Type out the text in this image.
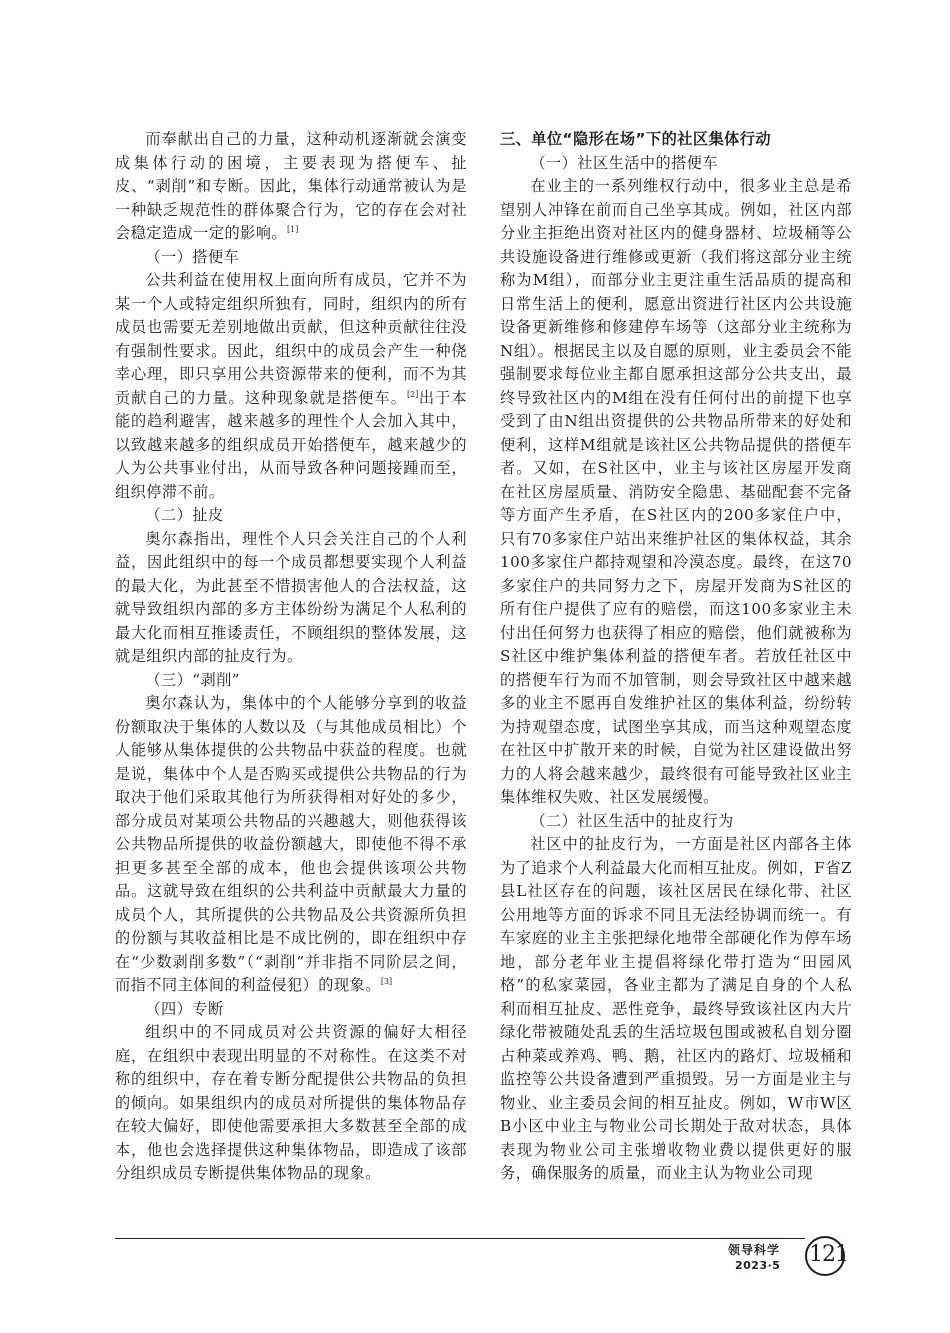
而奉献出自己的力量，这种动机逐渐就会演变成集体行动的困境，主要表现为搭便车、扯皮、“剥削”和专断。因此，集体行动通常被认为是一种缺乏规范性的群体聚合行为，它的存在会对社会稳定造成一定的影响。[1]

（一）搭便车

公共利益在使用权上面向所有成员，它并不为某一个人或特定组织所独有，同时，组织内的所有成员也需要无差别地做出贡献，但这种贡献往往没有强制性要求。因此，组织中的成员会产生一种侥幸心理，即只享用公共资源带来的便利，而不为其贡献自己的力量。这种现象就是搭便车。[2]出于本能的趋利避害，越来越多的理性个人会加入其中，以致越来越多的组织成员开始搭便车，越来越少的人为公共事业付出，从而导致各种问题接踵而至，组织停滞不前。

（二）扯皮

奥尔森指出，理性个人只会关注自己的个人利益，因此组织中的每一个成员都想要实现个人利益的最大化，为此甚至不惜损害他人的合法权益，这就导致组织内部的多方主体纷纷为满足个人私利的最大化而相互推诿责任，不顾组织的整体发展，这就是组织内部的扯皮行为。

（三）“剥削”

奥尔森认为，集体中的个人能够分享到的收益份额取决于集体的人数以及（与其他成员相比）个人能够从集体提供的公共物品中获益的程度。也就是说，集体中个人是否购买或提供公共物品的行为取决于他们采取其他行为所获得相对好处的多少，部分成员对某项公共物品的兴趣越大，则他获得该公共物品所提供的收益份额越大，即使他不得不承担更多甚至全部的成本，他也会提供该项公共物品。这就导致在组织的公共利益中贡献最大力量的成员个人，其所提供的公共物品及公共资源所负担的份额与其收益相比是不成比例的，即在组织中存在“少数剥削多数”（“剥削”并非指不同阶层之间，而指不同主体间的利益侵犯）的现象。[3]

（四）专断

组织中的不同成员对公共资源的偏好大相径庭，在组织中表现出明显的不对称性。在这类不对称的组织中，存在着专断分配提供公共物品的负担的倾向。如果组织内的成员对所提供的集体物品存在较大偏好，即使他需要承担大多数甚至全部的成本，他也会选择提供这种集体物品，即造成了该部分组织成员专断提供集体物品的现象。

三、单位“隐形在场”下的社区集体行动

（一）社区生活中的搭便车

在业主的一系列维权行动中，很多业主总是希望别人冲锋在前而自己坐享其成。例如，社区内部分业主拒绝出资对社区内的健身器材、垃圾桶等公共设施设备进行维修或更新（我们将这部分业主统称为M组），而部分业主更注重生活品质的提高和日常生活上的便利，愿意出资进行社区内公共设施设备更新维修和修建停车场等（这部分业主统称为N组）。根据民主以及自愿的原则，业主委员会不能强制要求每位业主都自愿承担这部分公共支出，最终导致社区内的M组在没有任何付出的前提下也享受到了由N组出资提供的公共物品所带来的好处和便利，这样M组就是该社区公共物品提供的搭便车者。又如，在S社区中，业主与该社区房屋开发商在社区房屋质量、消防安全隐患、基础配套不完备等方面产生矛盾，在S社区内的200多家住户中，只有70多家住户站出来维护社区的集体权益，其余100多家住户都持观望和冷漠态度。最终，在这70多家住户的共同努力之下，房屋开发商为S社区的所有住户提供了应有的赔偿，而这100多家业主未付出任何努力也获得了相应的赔偿，他们就被称为S社区中维护集体利益的搭便车者。若放任社区中的搭便车行为而不加管制，则会导致社区中越来越多的业主不愿再自发维护社区的集体利益，纷纷转为持观望态度，试图坐享其成，而当这种观望态度在社区中扩散开来的时候，自觉为社区建设做出努力的人将会越来越少，最终很有可能导致社区业主集体维权失败、社区发展缓慢。

（二）社区生活中的扯皮行为

社区中的扯皮行为，一方面是社区内部各主体为了追求个人利益最大化而相互扯皮。例如，F省Z县L社区存在的问题，该社区居民在绿化带、社区公用地等方面的诉求不同且无法经协调而统一。有车家庭的业主主张把绿化地带全部硬化作为停车场地，部分老年业主提倡将绿化带打造为“田园风格”的私家菜园，各业主都为了满足自身的个人私利而相互扯皮、恶性竞争，最终导致该社区内大片绿化带被随处乱丢的生活垃圾包围或被私自划分圈占种菜或养鸡、鸭、鹅，社区内的路灯、垃圾桶和监控等公共设备遭到严重损毁。另一方面是业主与物业、业主委员会间的相互扯皮。例如，W市W区B小区中业主与物业公司长期处于敌对状态，具体表现为物业公司主张增收物业费以提供更好的服务，确保服务的质量，而业主认为物业公司现

领导科学
2023·5 121
